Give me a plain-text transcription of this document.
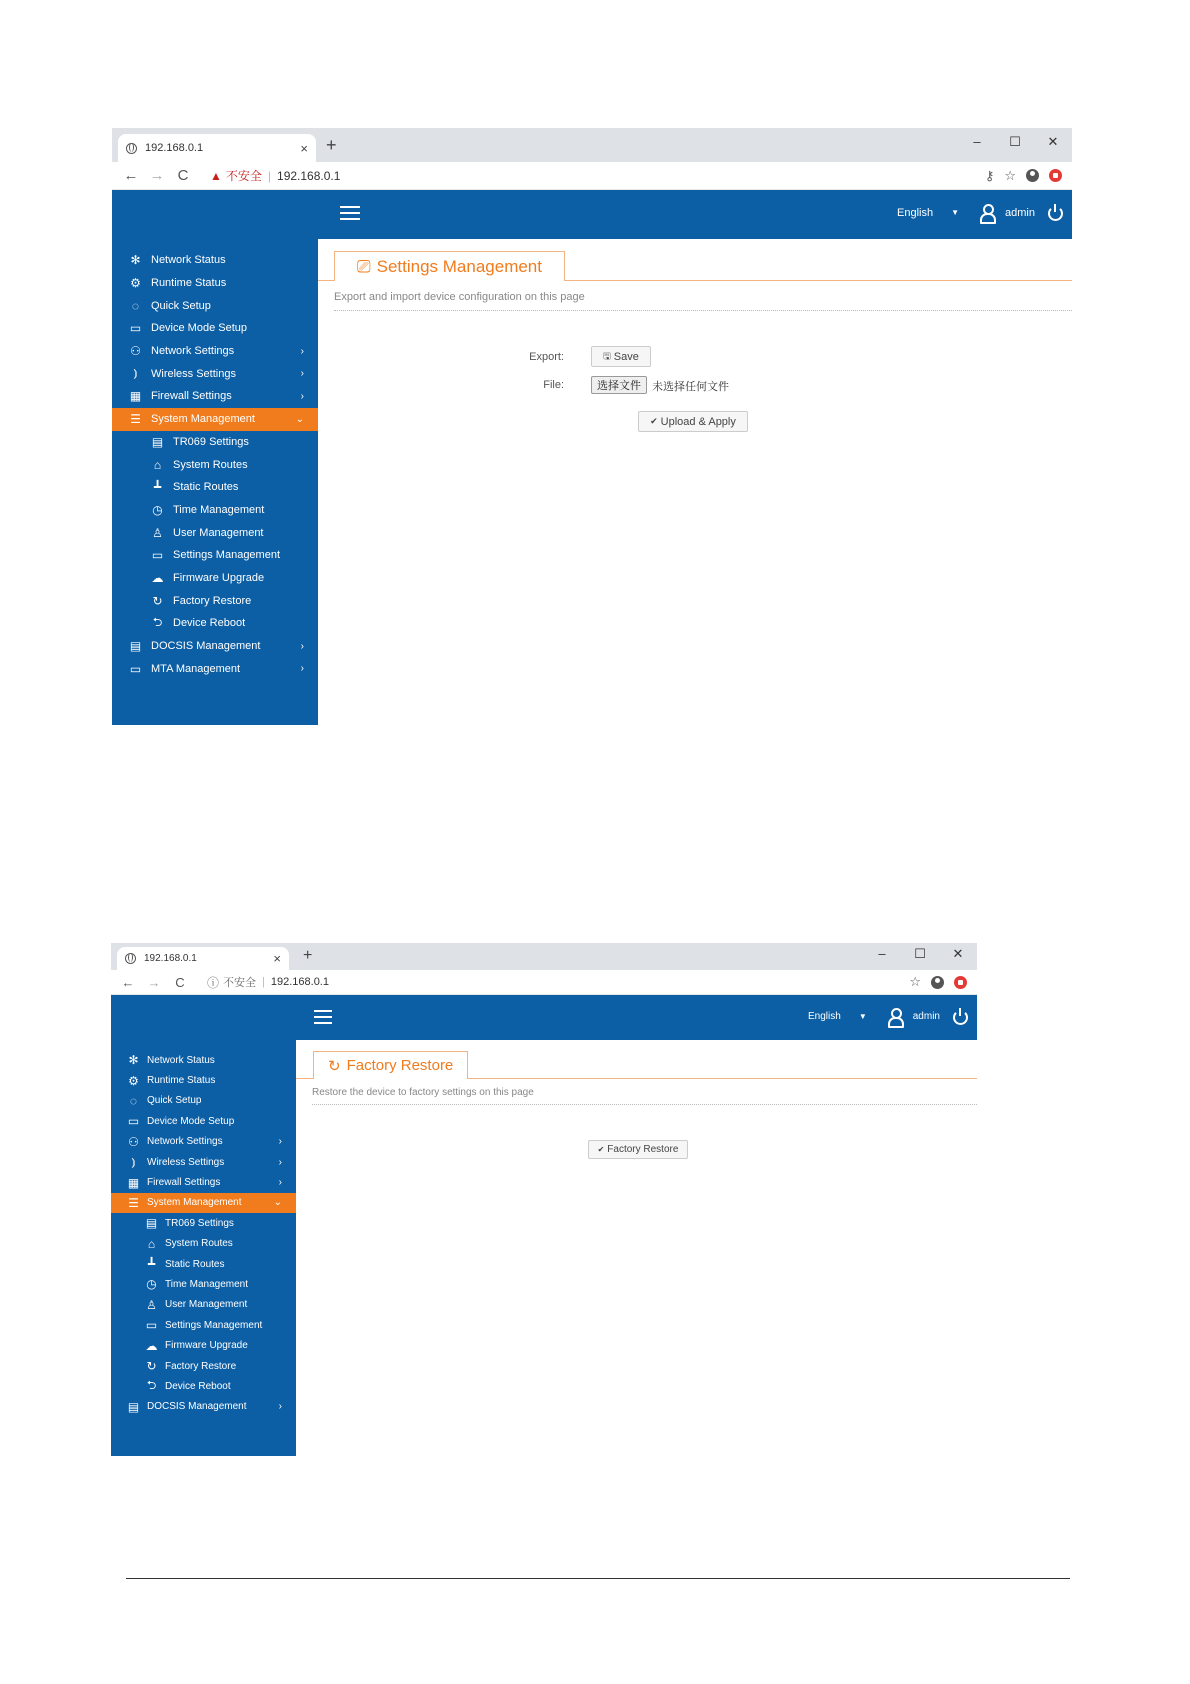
192.168.0.1	× +	–	☐	✕
← → C	▲ 不安全 | 192.168.0.1	⚷ ☆
English ▼	admin
✻ Network Status
⚙ Runtime Status
◌	Quick Setup
▭ Device Mode Setup
⚇ Network Settings	›
⦆	Wireless Settings	›
▦ Firewall Settings	›
☰ System Management	⌄
▤ TR069 Settings
⌂	System Routes
┻	Static Routes
◷ Time Management
♙ User Management
▭ Settings Management
☁ Firmware Upgrade
↻ Factory Restore
⮌ Device Reboot
▤ DOCSIS Management	›
▭ MTA Management	›
⎚ Settings Management
Export and import device configuration on this page
Export:	🖫 Save
File:	选择文件	未选择任何文件
✔ Upload & Apply
192.168.0.1	× +	–	☐	✕
←	→	C	ⓘ 不安全 | 192.168.0.1	☆
English ▼	admin
✻ Network Status
⚙ Runtime Status
◌ Quick Setup
▭ Device Mode Setup
⚇ Network Settings	›
⦆	Wireless Settings	›
▦ Firewall Settings	›
☰ System Management	⌄
▤ TR069 Settings
⌂ System Routes
┻ Static Routes
◷ Time Management
♙ User Management
▭ Settings Management
☁ Firmware Upgrade
↻ Factory Restore
⮌ Device Reboot
▤ DOCSIS Management	›
↻ Factory Restore
Restore the device to factory settings on this page
✔ Factory Restore
